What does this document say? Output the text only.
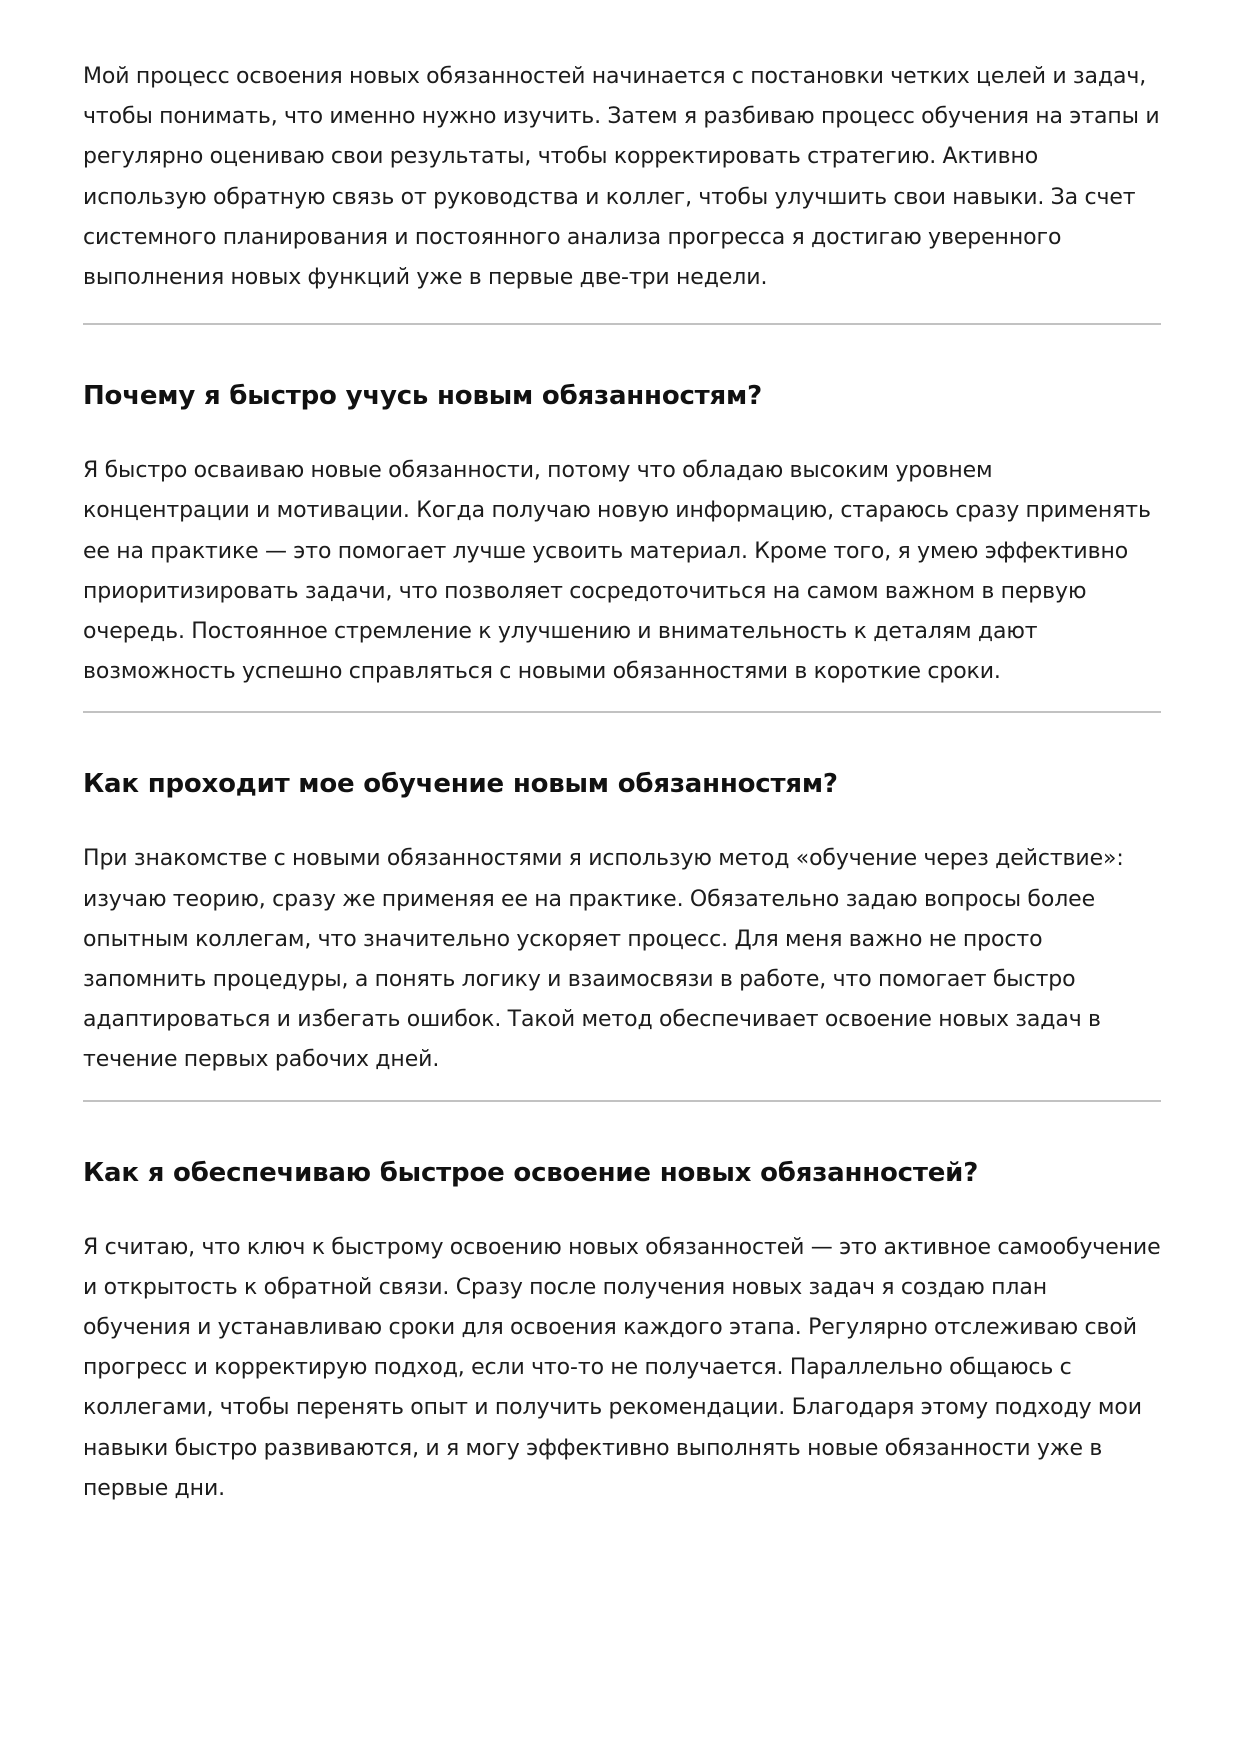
Мой процесс освоения новых обязанностей начинается с постановки четких целей и задач, чтобы понимать, что именно нужно изучить. Затем я разбиваю процесс обучения на этапы и регулярно оцениваю свои результаты, чтобы корректировать стратегию. Активно использую обратную связь от руководства и коллег, чтобы улучшить свои навыки. За счет системного планирования и постоянного анализа прогресса я достигаю уверенного выполнения новых функций уже в первые две-три недели.

Почему я быстро учусь новым обязанностям?

Я быстро осваиваю новые обязанности, потому что обладаю высоким уровнем концентрации и мотивации. Когда получаю новую информацию, стараюсь сразу применять ее на практике — это помогает лучше усвоить материал. Кроме того, я умею эффективно приоритизировать задачи, что позволяет сосредоточиться на самом важном в первую очередь. Постоянное стремление к улучшению и внимательность к деталям дают возможность успешно справляться с новыми обязанностями в короткие сроки.

Как проходит мое обучение новым обязанностям?

При знакомстве с новыми обязанностями я использую метод «обучение через действие»: изучаю теорию, сразу же применяя ее на практике. Обязательно задаю вопросы более опытным коллегам, что значительно ускоряет процесс. Для меня важно не просто запомнить процедуры, а понять логику и взаимосвязи в работе, что помогает быстро адаптироваться и избегать ошибок. Такой метод обеспечивает освоение новых задач в течение первых рабочих дней.

Как я обеспечиваю быстрое освоение новых обязанностей?

Я считаю, что ключ к быстрому освоению новых обязанностей — это активное самообучение и открытость к обратной связи. Сразу после получения новых задач я создаю план обучения и устанавливаю сроки для освоения каждого этапа. Регулярно отслеживаю свой прогресс и корректирую подход, если что-то не получается. Параллельно общаюсь с коллегами, чтобы перенять опыт и получить рекомендации. Благодаря этому подходу мои навыки быстро развиваются, и я могу эффективно выполнять новые обязанности уже в первые дни.
